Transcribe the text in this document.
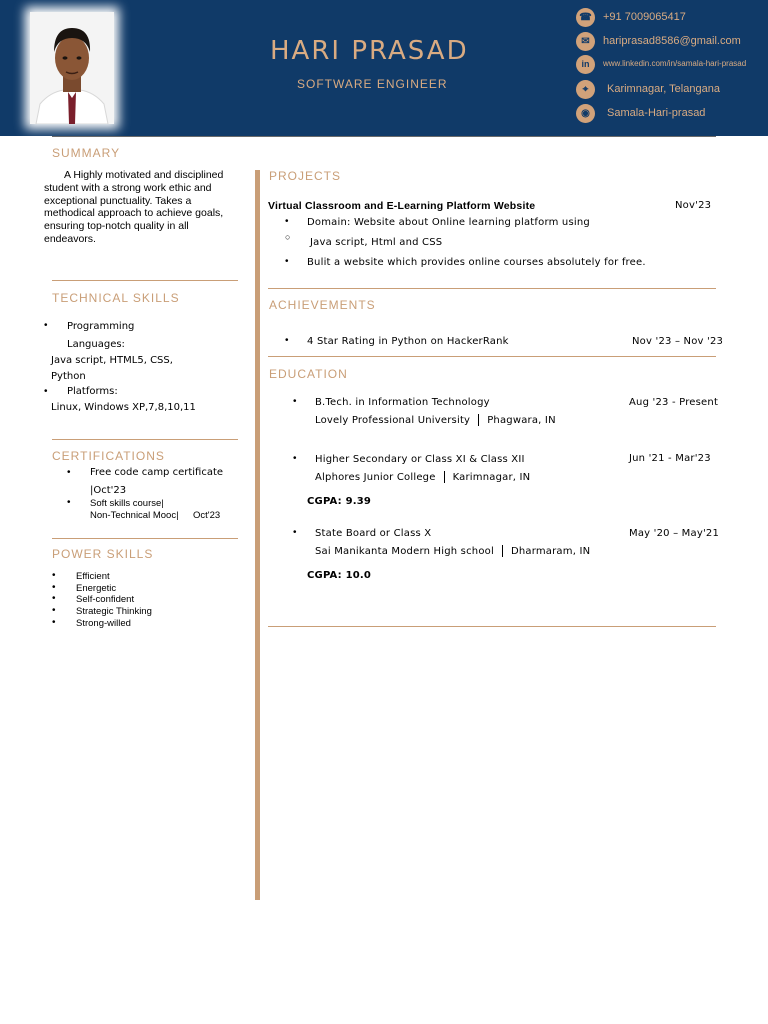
HARI PRASAD
SOFTWARE ENGINEER
☎ +91 7009065417
✉	hariprasad8586@gmail.com
in	www.linkedin.com/in/samala-hari-prasad
⌖	Karimnagar, Telangana
◉	Samala-Hari-prasad
SUMMARY
A Highly motivated and disciplined student with a strong work ethic and exceptional punctuality. Takes a methodical approach to achieve goals, ensuring top-notch quality in all endeavors.
TECHNICAL SKILLS
• Programming
Languages:
Java script, HTML5, CSS,
Python
• Platforms:
Linux, Windows XP,7,8,10,11
CERTIFICATIONS
• Free code camp certificate
|Oct'23
• Soft skills course|
Non-Technical Mooc| Oct'23
POWER SKILLS
• Efficient
• Energetic
• Self-confident
• Strategic Thinking
• Strong-willed
PROJECTS
Virtual Classroom and E-Learning Platform Website	Nov'23
• Domain: Website about Online learning platform using
○ Java script, Html and CSS
• Bulit a website which provides online courses absolutely for free.
ACHIEVEMENTS
• 4 Star Rating in Python on HackerRank	Nov '23 – Nov '23
EDUCATION
• B.Tech. in Information Technology	Aug '23 - Present
Lovely Professional University Phagwara, IN
• Higher Secondary or Class XI & Class XII	Jun '21 - Mar'23
Alphores Junior College Karimnagar, IN
CGPA: 9.39
• State Board or Class X	May '20 – May'21
Sai Manikanta Modern High school Dharmaram, IN
CGPA: 10.0
